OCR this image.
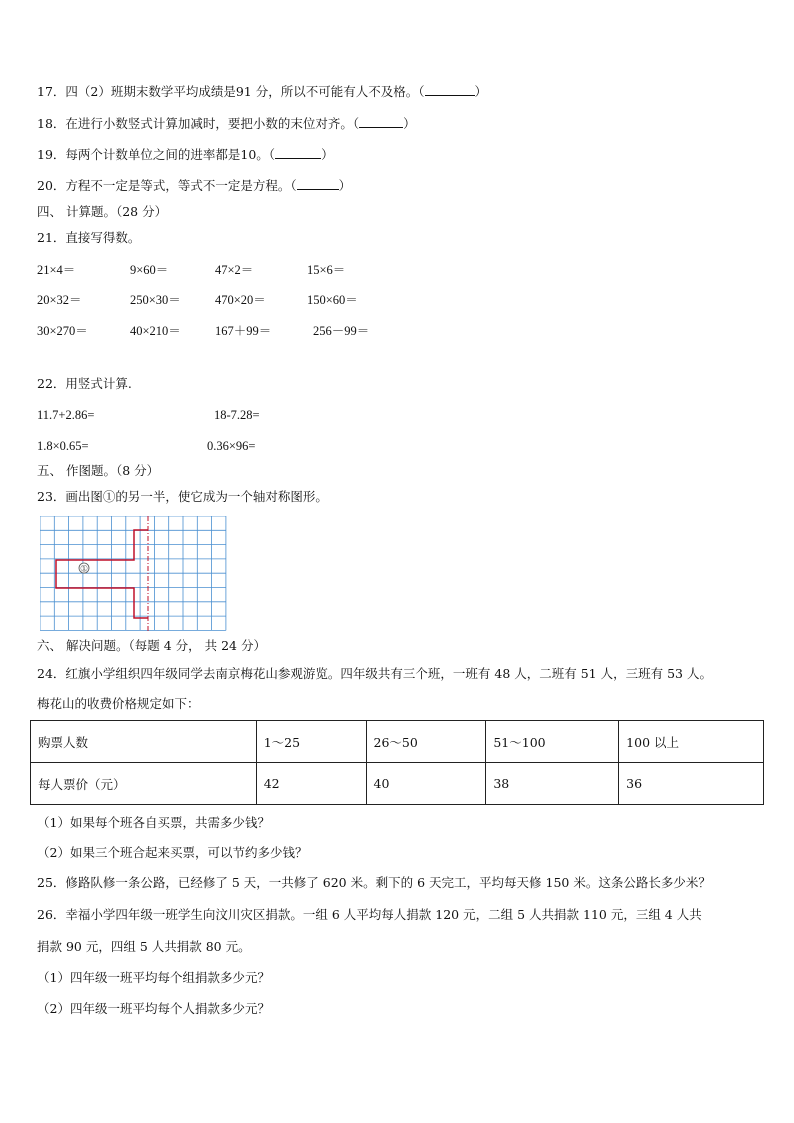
17．四（2）班期末数学平均成绩是91 分，所以不可能有人不及格。（	）
18．在进行小数竖式计算加减时，要把小数的末位对齐。（	）
19．每两个计数单位之间的进率都是10。（	）
20．方程不一定是等式，等式不一定是方程。（	）
四、 计算题。（28 分）
21．直接写得数。
21×4＝	9×60＝	47×2＝	15×6＝
20×32＝	250×30＝	470×20＝	150×60＝
30×270＝	40×210＝	167＋99＝	256－99＝
22．用竖式计算.
11.7+2.86=	18-7.28=
1.8×0.65=	0.36×96=
五、 作图题。（8 分）
23．画出图①的另一半，使它成为一个轴对称图形。
①
六、 解决问题。（每题 4 分， 共 24 分）
24．红旗小学组织四年级同学去南京梅花山参观游览。四年级共有三个班，一班有 48 人，二班有 51 人，三班有 53 人。
梅花山的收费价格规定如下：
购票人数	1～25	26～50	51～100	100 以上
每人票价（元）	42	40	38	36
（1）如果每个班各自买票，共需多少钱？
（2）如果三个班合起来买票，可以节约多少钱？
25．修路队修一条公路，已经修了 5 天，一共修了 620 米。剩下的 6 天完工，平均每天修 150 米。这条公路长多少米？
26．幸福小学四年级一班学生向汶川灾区捐款。一组 6 人平均每人捐款 120 元，二组 5 人共捐款 110 元，三组 4 人共
捐款 90 元，四组 5 人共捐款 80 元。
（1）四年级一班平均每个组捐款多少元？
（2）四年级一班平均每个人捐款多少元？
